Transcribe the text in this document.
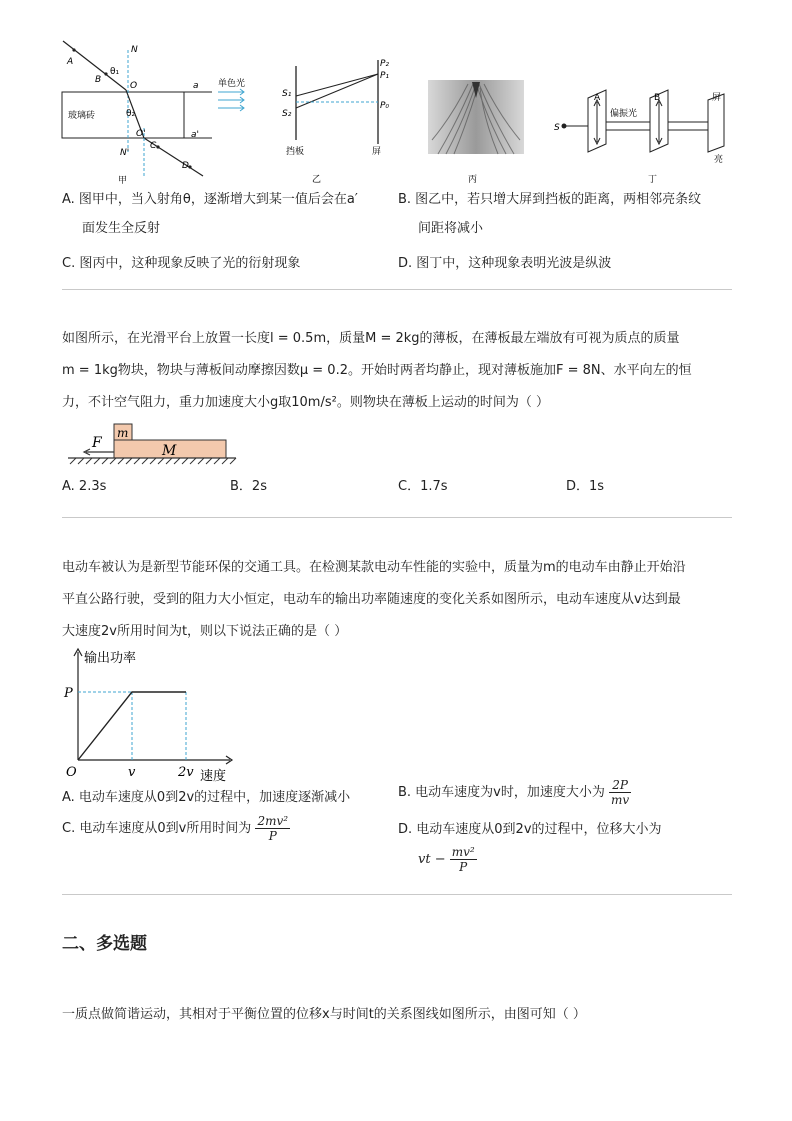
A
B
N
θ₁
O
玻璃砖
a
θ₂
O'	a'
C
N'
D
甲
单色光
S₁
S₂
P₂
P₁
P₀
挡板	屏
乙	丙
S
A
偏振光
B	屏
亮
丁
A. 图甲中，当入射角θ，逐渐增大到某一值后会在a′
面发生全反射
B. 图乙中，若只增大屏到挡板的距离，两相邻亮条纹
间距将减小
C. 图丙中，这种现象反映了光的衍射现象	D. 图丁中，这种现象表明光波是纵波
如图所示，在光滑平台上放置一长度l = 0.5m，质量M = 2kg的薄板，在薄板最左端放有可视为质点的质量
m = 1kg物块，物块与薄板间动摩擦因数μ = 0.2。开始时两者均静止，现对薄板施加F = 8N、水平向左的恒
力，不计空气阻力，重力加速度大小g取10m/s²。则物块在薄板上运动的时间为（ ）
F
m
M
A. 2.3s	B．2s	C．1.7s	D．1s
电动车被认为是新型节能环保的交通工具。在检测某款电动车性能的实验中，质量为m的电动车由静止开始沿
平直公路行驶，受到的阻力大小恒定，电动车的输出功率随速度的变化关系如图所示，电动车速度从v达到最
大速度2v所用时间为t，则以下说法正确的是（ ）
输出功率
速度
O	v	2v
P
A. 电动车速度从0到2v的过程中，加速度逐渐减小	B. 电动车速度为v时，加速度大小为 $\frac{2P}{mv}$
C. 电动车速度从0到v所用时间为 $\frac{\text{2mv²}}{P}$	D. 电动车速度从0到2v的过程中，位移大小为
vt − $\frac{\text{mv²}}{P}$
二、多选题
一质点做简谐运动，其相对于平衡位置的位移x与时间t的关系图线如图所示，由图可知（ ）
